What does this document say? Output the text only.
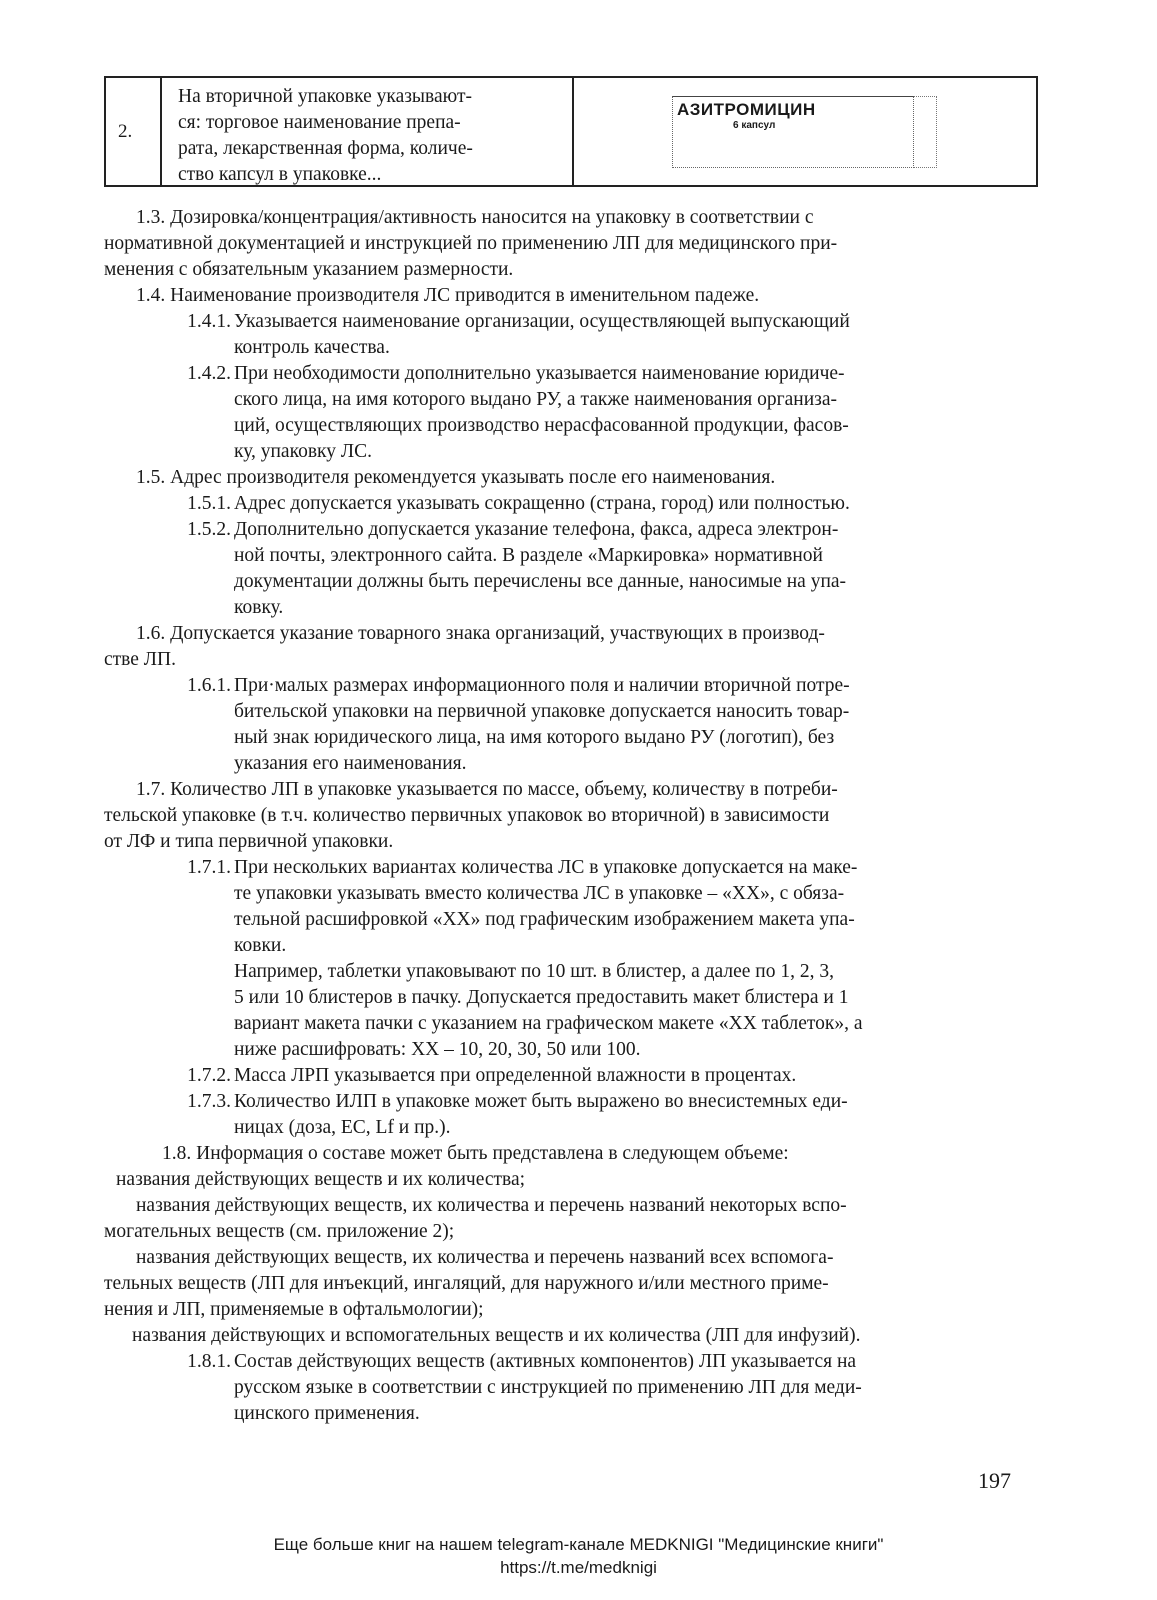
2.
На вторичной упаковке указывают-
ся: торговое наименование препа-
рата, лекарственная форма, количе-
ство капсул в упаковке...
АЗИТРОМИЦИН
6 капсул
1.3. Дозировка/концентрация/активность наносится на упаковку в соответствии с
нормативной документацией и инструкцией по применению ЛП для медицинского при-
менения с обязательным указанием размерности.
1.4. Наименование производителя ЛС приводится в именительном падеже.
1.4.1. Указывается наименование организации, осуществляющей выпускающий
контроль качества.
1.4.2. При необходимости дополнительно указывается наименование юридиче-
ского лица, на имя которого выдано РУ, а также наименования организа-
ций, осуществляющих производство нерасфасованной продукции, фасов-
ку, упаковку ЛС.
1.5. Адрес производителя рекомендуется указывать после его наименования.
1.5.1. Адрес допускается указывать сокращенно (страна, город) или полностью.
1.5.2. Дополнительно допускается указание телефона, факса, адреса электрон-
ной почты, электронного сайта. В разделе «Маркировка» нормативной
документации должны быть перечислены все данные, наносимые на упа-
ковку.
1.6. Допускается указание товарного знака организаций, участвующих в производ-
стве ЛП.
1.6.1. При·малых размерах информационного поля и наличии вторичной потре-
бительской упаковки на первичной упаковке допускается наносить товар-
ный знак юридического лица, на имя которого выдано РУ (логотип), без
указания его наименования.
1.7. Количество ЛП в упаковке указывается по массе, объему, количеству в потреби-
тельской упаковке (в т.ч. количество первичных упаковок во вторичной) в зависимости
от ЛФ и типа первичной упаковки.
1.7.1. При нескольких вариантах количества ЛС в упаковке допускается на маке-
те упаковки указывать вместо количества ЛС в упаковке – «XX», с обяза-
тельной расшифровкой «XX» под графическим изображением макета упа-
ковки.
Например, таблетки упаковывают по 10 шт. в блистер, а далее по 1, 2, 3,
5 или 10 блистеров в пачку. Допускается предоставить макет блистера и 1
вариант макета пачки с указанием на графическом макете «XX таблеток», а
ниже расшифровать: XX – 10, 20, 30, 50 или 100.
1.7.2. Масса ЛРП указывается при определенной влажности в процентах.
1.7.3. Количество ИЛП в упаковке может быть выражено во внесистемных еди-
ницах (доза, ЕС, Lf и пр.).
1.8. Информация о составе может быть представлена в следующем объеме:
названия действующих веществ и их количества;
названия действующих веществ, их количества и перечень названий некоторых вспо-
могательных веществ (см. приложение 2);
названия действующих веществ, их количества и перечень названий всех вспомога-
тельных веществ (ЛП для инъекций, ингаляций, для наружного и/или местного приме-
нения и ЛП, применяемые в офтальмологии);
названия действующих и вспомогательных веществ и их количества (ЛП для инфузий).
1.8.1. Состав действующих веществ (активных компонентов) ЛП указывается на
русском языке в соответствии с инструкцией по применению ЛП для меди-
цинского применения.
197
Еще больше книг на нашем telegram-канале MEDKNIGI "Медицинские книги"
https://t.me/medknigi
